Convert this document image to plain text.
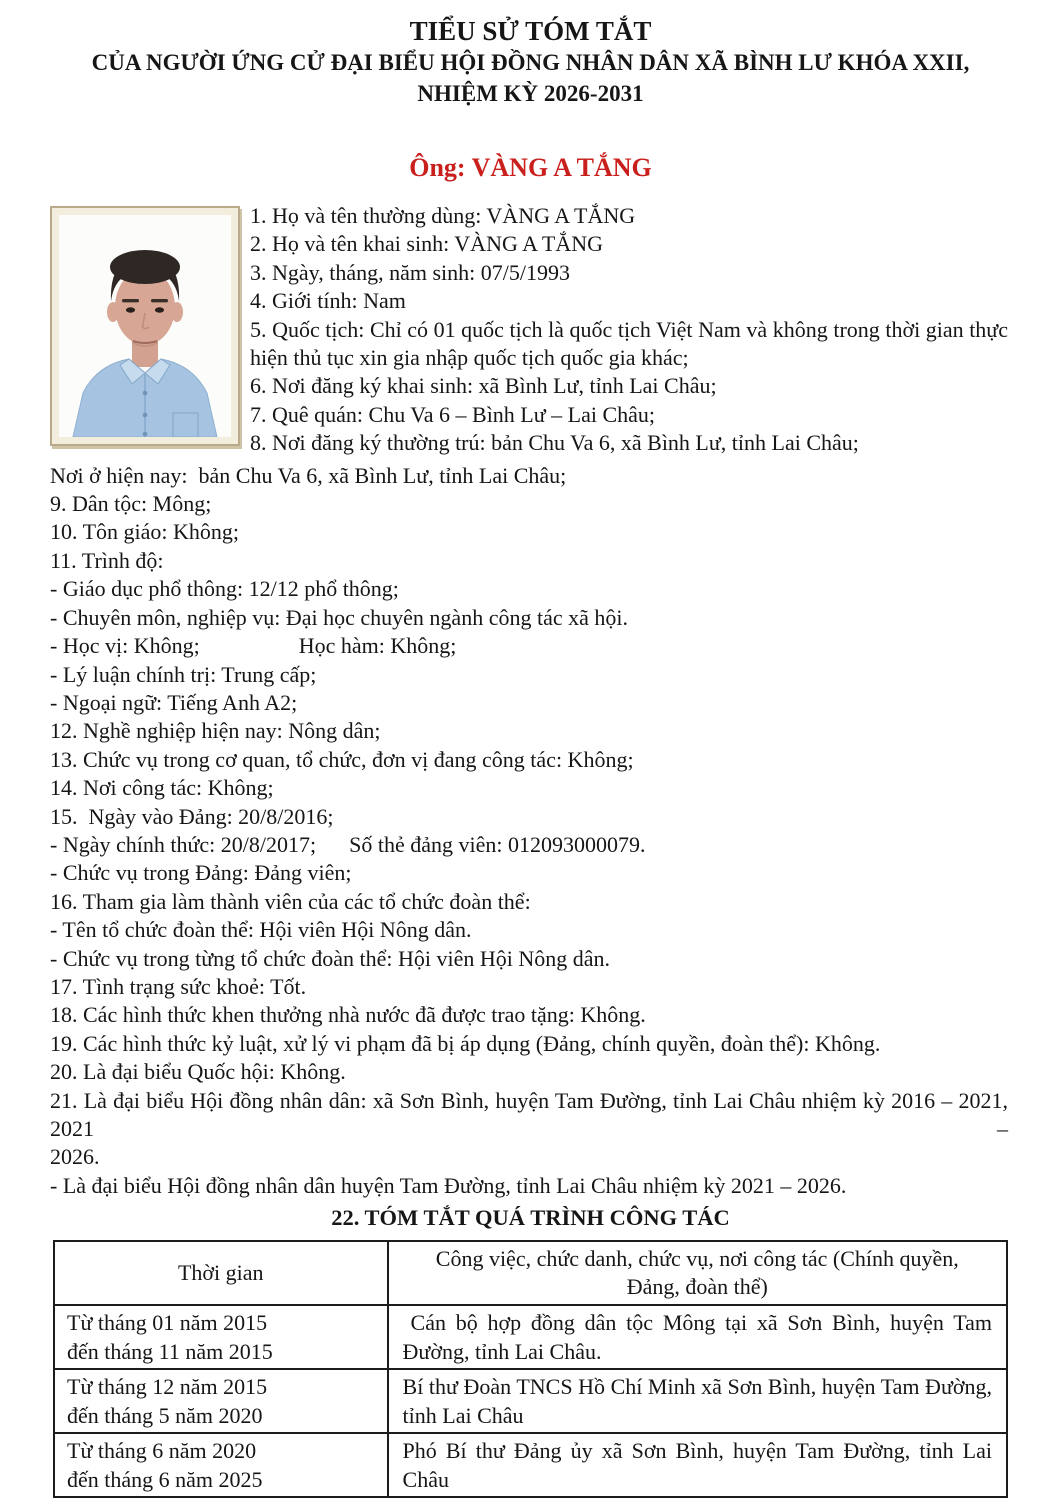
TIỂU SỬ TÓM TẮT
CỦA NGƯỜI ỨNG CỬ ĐẠI BIỂU HỘI ĐỒNG NHÂN DÂN XÃ BÌNH LƯ KHÓA XXII,
NHIỆM KỲ 2026-2031
Ông: VÀNG A TẮNG
1. Họ và tên thường dùng: VÀNG A TẮNG
2. Họ và tên khai sinh: VÀNG A TẮNG
3. Ngày, tháng, năm sinh: 07/5/1993
4. Giới tính: Nam
5. Quốc tịch: Chỉ có 01 quốc tịch là quốc tịch Việt Nam và không trong thời gian thực hiện thủ tục xin gia nhập quốc tịch quốc gia khác;
6. Nơi đăng ký khai sinh: xã Bình Lư, tỉnh Lai Châu;
7. Quê quán: Chu Va 6 – Bình Lư – Lai Châu;
8. Nơi đăng ký thường trú: bản Chu Va 6, xã Bình Lư, tỉnh Lai Châu;
Nơi ở hiện nay:  bản Chu Va 6, xã Bình Lư, tỉnh Lai Châu;
9. Dân tộc: Mông;
10. Tôn giáo: Không;
11. Trình độ:
- Giáo dục phổ thông: 12/12 phổ thông;
- Chuyên môn, nghiệp vụ: Đại học chuyên ngành công tác xã hội.
- Học vị: Không;                  Học hàm: Không;
- Lý luận chính trị: Trung cấp;
- Ngoại ngữ: Tiếng Anh A2;
12. Nghề nghiệp hiện nay: Nông dân;
13. Chức vụ trong cơ quan, tổ chức, đơn vị đang công tác: Không;
14. Nơi công tác: Không;
15.  Ngày vào Đảng: 20/8/2016;
- Ngày chính thức: 20/8/2017;      Số thẻ đảng viên: 012093000079.
- Chức vụ trong Đảng: Đảng viên;
16. Tham gia làm thành viên của các tổ chức đoàn thể:
- Tên tổ chức đoàn thể: Hội viên Hội Nông dân.
- Chức vụ trong từng tổ chức đoàn thể: Hội viên Hội Nông dân.
17. Tình trạng sức khoẻ: Tốt.
18. Các hình thức khen thưởng nhà nước đã được trao tặng: Không.
19. Các hình thức kỷ luật, xử lý vi phạm đã bị áp dụng (Đảng, chính quyền, đoàn thể): Không.
20. Là đại biểu Quốc hội: Không.
21. Là đại biểu Hội đồng nhân dân: xã Sơn Bình, huyện Tam Đường, tỉnh Lai Châu nhiệm kỳ 2016 – 2021, 2021 –
2026.
- Là đại biểu Hội đồng nhân dân huyện Tam Đường, tỉnh Lai Châu nhiệm kỳ 2021 – 2026.
22. TÓM TẮT QUÁ TRÌNH CÔNG TÁC
Thời gian	Công việc, chức danh, chức vụ, nơi công tác (Chính quyền, Đảng, đoàn thể)

Từ tháng 01 năm 2015
đến tháng 11 năm 2015	Cán bộ hợp đồng dân tộc Mông tại xã Sơn Bình, huyện Tam Đường, tỉnh Lai Châu.

Từ tháng 12 năm 2015
đến tháng 5 năm 2020	Bí thư Đoàn TNCS Hồ Chí Minh xã Sơn Bình, huyện Tam Đường, tỉnh Lai Châu

Từ tháng 6 năm 2020
đến tháng 6 năm 2025	Phó Bí thư Đảng ủy xã Sơn Bình, huyện Tam Đường, tỉnh Lai Châu
